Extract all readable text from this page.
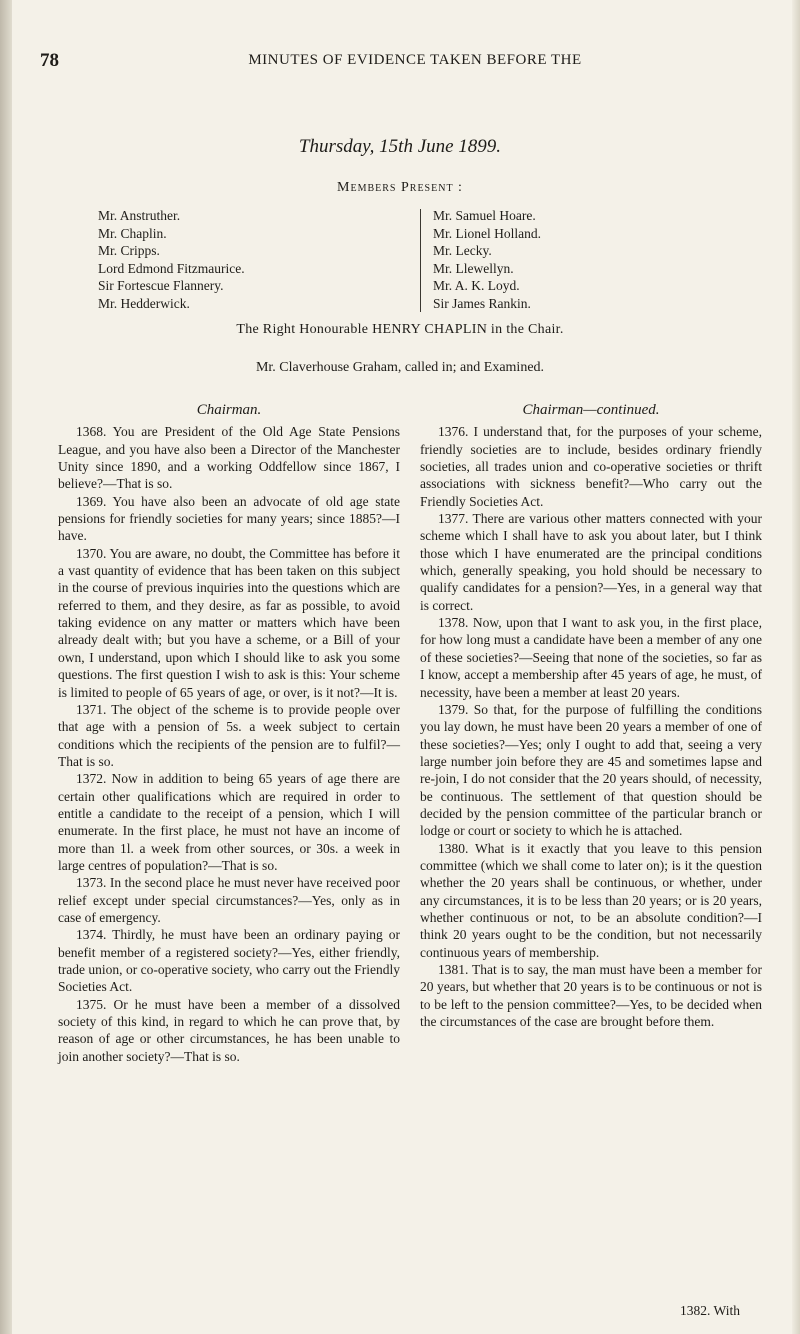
78	MINUTES OF EVIDENCE TAKEN BEFORE THE
Thursday, 15th June 1899.
Members Present :
Mr. Anstruther.
Mr. Chaplin.
Mr. Cripps.
Lord Edmond Fitzmaurice.
Sir Fortescue Flannery.
Mr. Hedderwick.
Mr. Samuel Hoare.
Mr. Lionel Holland.
Mr. Lecky.
Mr. Llewellyn.
Mr. A. K. Loyd.
Sir James Rankin.
The Right Honourable HENRY CHAPLIN in the Chair.
Mr. Claverhouse Graham, called in; and Examined.
Chairman.

1368. You are President of the Old Age State Pensions League, and you have also been a Director of the Manchester Unity since 1890, and a working Oddfellow since 1867, I believe?—That is so.

1369. You have also been an advocate of old age state pensions for friendly societies for many years; since 1885?—I have.

1370. You are aware, no doubt, the Committee has before it a vast quantity of evidence that has been taken on this subject in the course of previous inquiries into the questions which are referred to them, and they desire, as far as possible, to avoid taking evidence on any matter or matters which have been already dealt with; but you have a scheme, or a Bill of your own, I understand, upon which I should like to ask you some questions. The first question I wish to ask is this: Your scheme is limited to people of 65 years of age, or over, is it not?—It is.

1371. The object of the scheme is to provide people over that age with a pension of 5s. a week subject to certain conditions which the recipients of the pension are to fulfil?—That is so.

1372. Now in addition to being 65 years of age there are certain other qualifications which are required in order to entitle a candidate to the receipt of a pension, which I will enumerate. In the first place, he must not have an income of more than 1l. a week from other sources, or 30s. a week in large centres of population?—That is so.

1373. In the second place he must never have received poor relief except under special circumstances?—Yes, only as in case of emergency.

1374. Thirdly, he must have been an ordinary paying or benefit member of a registered society?—Yes, either friendly, trade union, or co-operative society, who carry out the Friendly Societies Act.

1375. Or he must have been a member of a dissolved society of this kind, in regard to which he can prove that, by reason of age or other circumstances, he has been unable to join another society?—That is so.

Chairman—continued.

1376. I understand that, for the purposes of your scheme, friendly societies are to include, besides ordinary friendly societies, all trades union and co-operative societies or thrift associations with sickness benefit?—Who carry out the Friendly Societies Act.

1377. There are various other matters connected with your scheme which I shall have to ask you about later, but I think those which I have enumerated are the principal conditions which, generally speaking, you hold should be necessary to qualify candidates for a pension?—Yes, in a general way that is correct.

1378. Now, upon that I want to ask you, in the first place, for how long must a candidate have been a member of any one of these societies?—Seeing that none of the societies, so far as I know, accept a membership after 45 years of age, he must, of necessity, have been a member at least 20 years.

1379. So that, for the purpose of fulfilling the conditions you lay down, he must have been 20 years a member of one of these societies?—Yes; only I ought to add that, seeing a very large number join before they are 45 and sometimes lapse and re-join, I do not consider that the 20 years should, of necessity, be continuous. The settlement of that question should be decided by the pension committee of the particular branch or lodge or court or society to which he is attached.

1380. What is it exactly that you leave to this pension committee (which we shall come to later on); is it the question whether the 20 years shall be continuous, or whether, under any circumstances, it is to be less than 20 years; or is 20 years, whether continuous or not, to be an absolute condition?—I think 20 years ought to be the condition, but not necessarily continuous years of membership.

1381. That is to say, the man must have been a member for 20 years, but whether that 20 years is to be continuous or not is to be left to the pension committee?—Yes, to be decided when the circumstances of the case are brought before them.

1382. With
